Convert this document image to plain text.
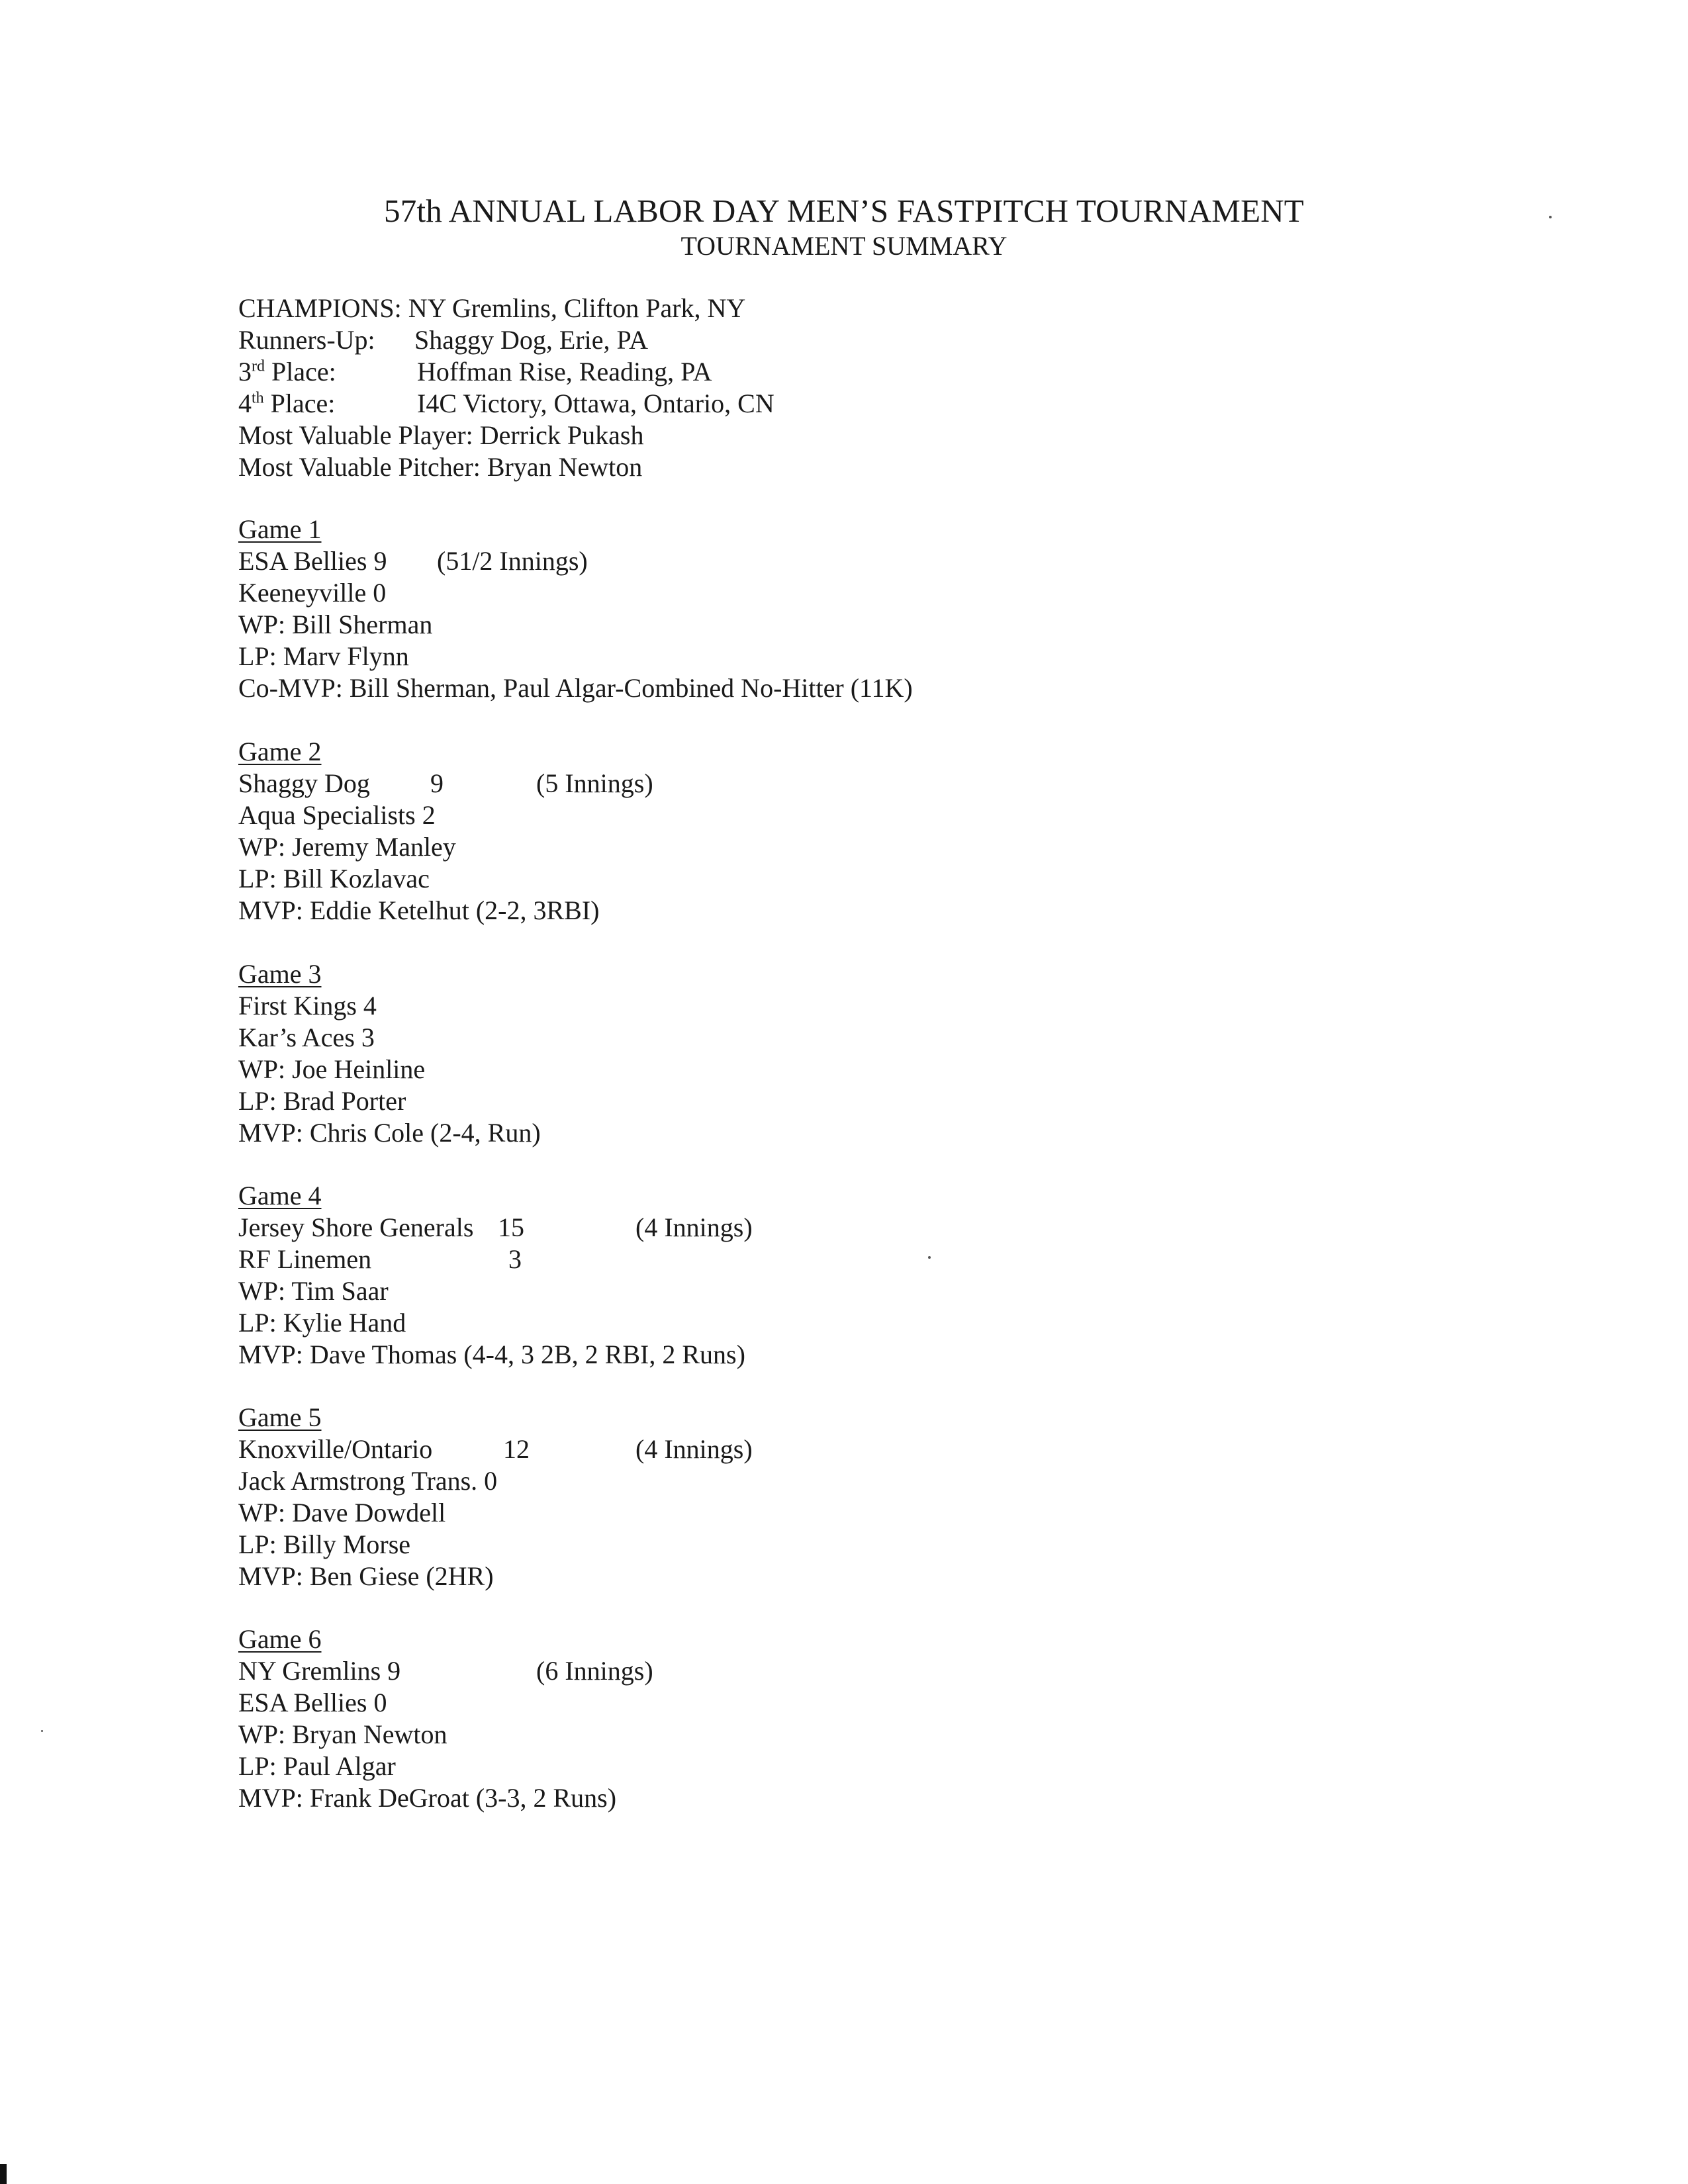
57th ANNUAL LABOR DAY MEN’S FASTPITCH TOURNAMENT
TOURNAMENT SUMMARY
CHAMPIONS: NY Gremlins, Clifton Park, NY
Runners-Up: Shaggy Dog, Erie, PA
3rd Place:	Hoffman Rise, Reading, PA
4th Place:	I4C Victory, Ottawa, Ontario, CN
Most Valuable Player: Derrick Pukash
Most Valuable Pitcher: Bryan Newton
Game 1
ESA Bellies 9 (51/2 Innings)
Keeneyville 0
WP: Bill Sherman
LP: Marv Flynn
Co-MVP: Bill Sherman, Paul Algar-Combined No-Hitter (11K)
Game 2
Shaggy Dog 9	(5 Innings)
Aqua Specialists 2
WP: Jeremy Manley
LP: Bill Kozlavac
MVP: Eddie Ketelhut (2-2, 3RBI)
Game 3
First Kings 4
Kar’s Aces 3
WP: Joe Heinline
LP: Brad Porter
MVP: Chris Cole (2-4, Run)
Game 4
Jersey Shore Generals 15	(4 Innings)
RF Linemen	3
WP: Tim Saar
LP: Kylie Hand
MVP: Dave Thomas (4-4, 3 2B, 2 RBI, 2 Runs)
Game 5
Knoxville/Ontario	12	(4 Innings)
Jack Armstrong Trans. 0
WP: Dave Dowdell
LP: Billy Morse
MVP: Ben Giese (2HR)
Game 6
NY Gremlins 9	(6 Innings)
ESA Bellies 0
WP: Bryan Newton
LP: Paul Algar
MVP: Frank DeGroat (3-3, 2 Runs)
